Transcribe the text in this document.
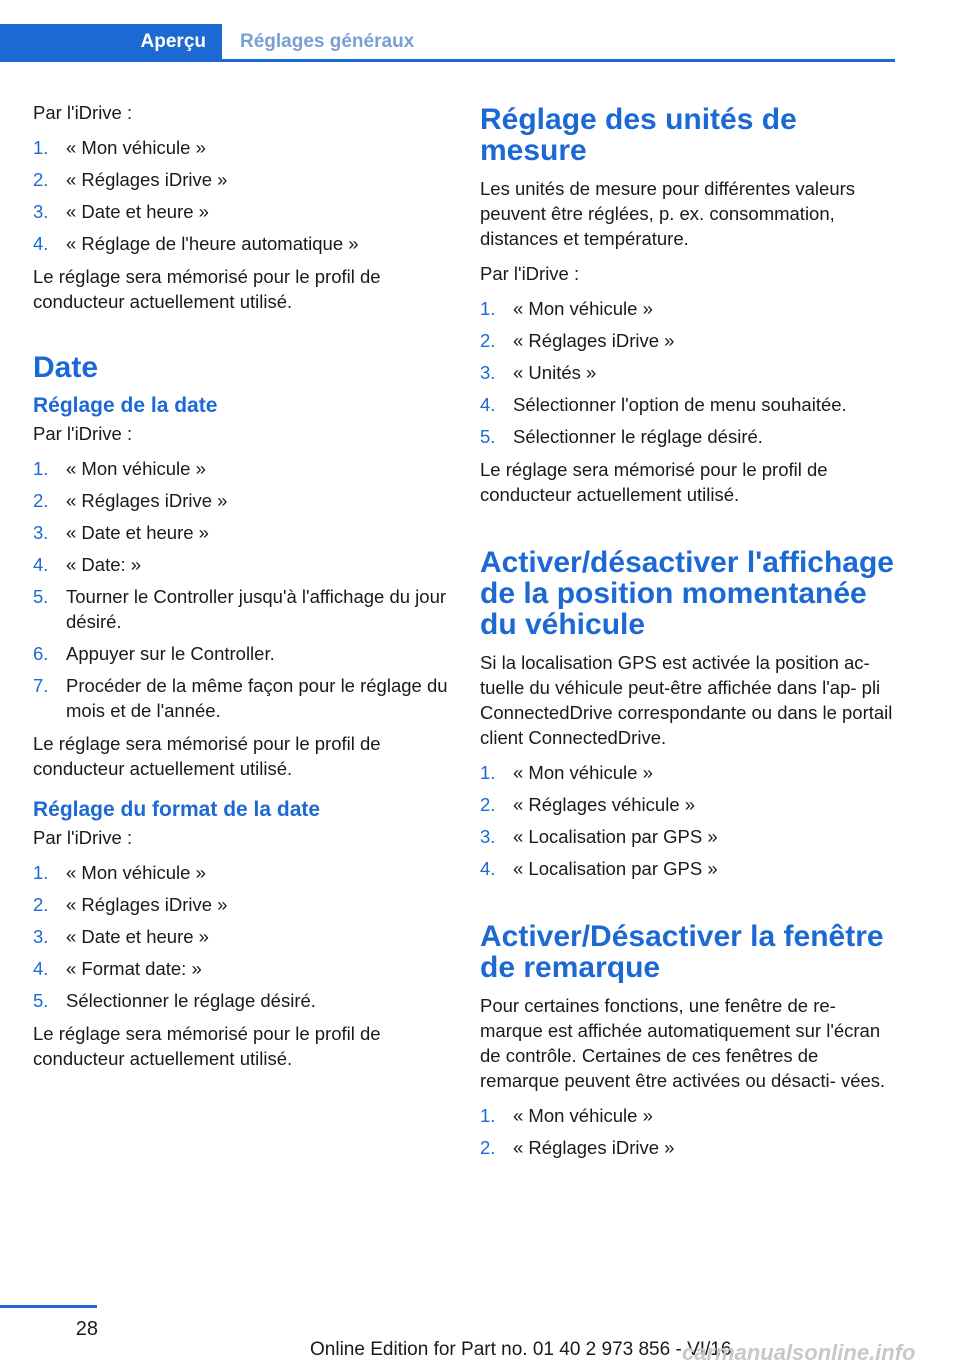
Aperçu	Réglages généraux

Par l'iDrive :

1. « Mon véhicule »
2. « Réglages iDrive »
3. « Date et heure »
4. « Réglage de l'heure automatique »

Le réglage sera mémorisé pour le profil de conducteur actuellement utilisé.

Date
Réglage de la date

Par l'iDrive :

1. « Mon véhicule »
2. « Réglages iDrive »
3. « Date et heure »
4. « Date: »
5. Tourner le Controller jusqu'à l'affichage du jour désiré.
6. Appuyer sur le Controller.
7. Procéder de la même façon pour le réglage du mois et de l'année.

Le réglage sera mémorisé pour le profil de conducteur actuellement utilisé.

Réglage du format de la date

Par l'iDrive :

1. « Mon véhicule »
2. « Réglages iDrive »
3. « Date et heure »
4. « Format date: »
5. Sélectionner le réglage désiré.

Le réglage sera mémorisé pour le profil de conducteur actuellement utilisé.

Réglage des unités de mesure

Les unités de mesure pour différentes valeurs peuvent être réglées, p. ex. consommation, distances et température.

Par l'iDrive :

1. « Mon véhicule »
2. « Réglages iDrive »
3. « Unités »
4. Sélectionner l'option de menu souhaitée.
5. Sélectionner le réglage désiré.

Le réglage sera mémorisé pour le profil de conducteur actuellement utilisé.

Activer/désactiver l'affichage de la position momentanée du véhicule

Si la localisation GPS est activée la position ac‐ tuelle du véhicule peut-être affichée dans l'ap‐ pli ConnectedDrive correspondante ou dans le portail client ConnectedDrive.

1. « Mon véhicule »
2. « Réglages véhicule »
3. « Localisation par GPS »
4. « Localisation par GPS »
Activer/Désactiver la fenêtre de remarque

Pour certaines fonctions, une fenêtre de re‐ marque est affichée automatiquement sur l'écran de contrôle. Certaines de ces fenêtres de remarque peuvent être activées ou désacti‐ vées.

1. « Mon véhicule »
2. « Réglages iDrive »
28
Online Edition for Part no. 01 40 2 973 856 - VI/16
carmanualsonline.info
